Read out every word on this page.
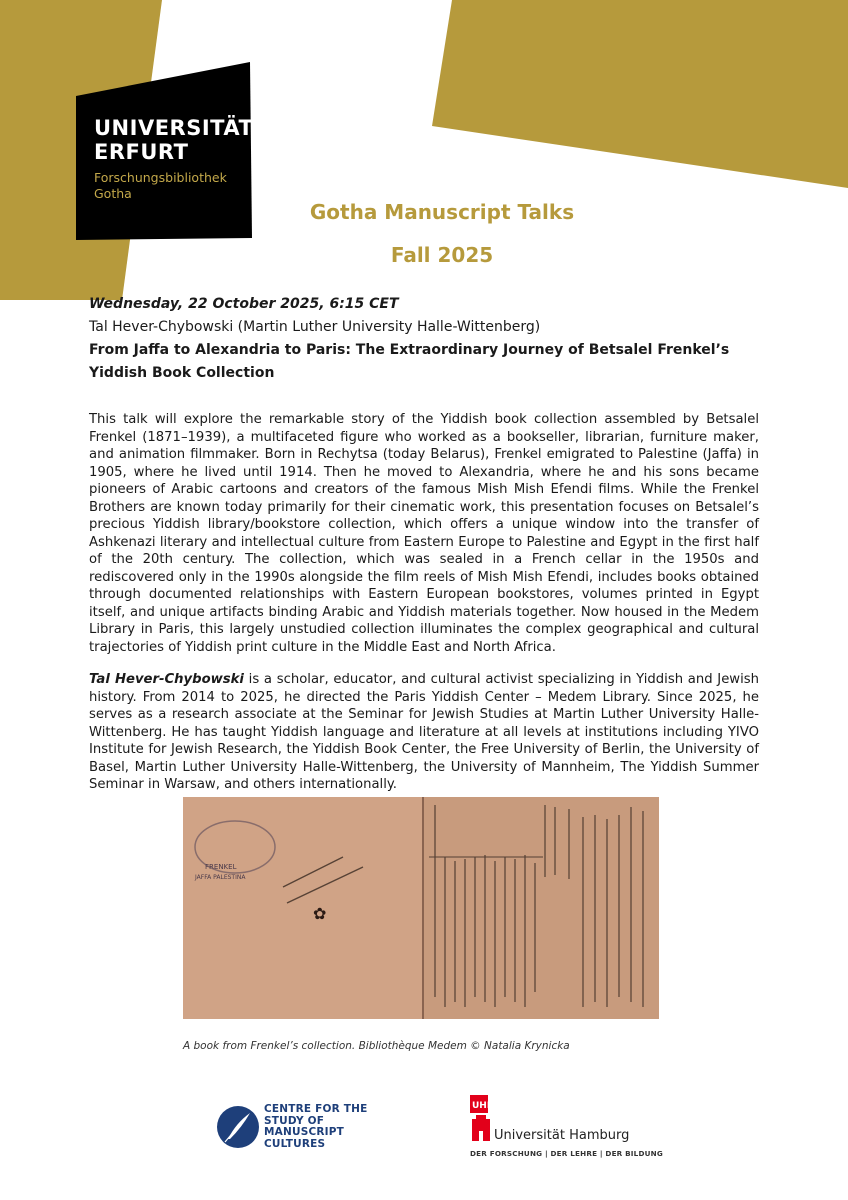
UNIVERSITÄT
ERFURT
Forschungsbibliothek
Gotha
Gotha Manuscript Talks
Fall 2025
Wednesday, 22 October 2025, 6:15 CET
Tal Hever-Chybowski (Martin Luther University Halle-Wittenberg)
From Jaffa to Alexandria to Paris: The Extraordinary Journey of Betsalel Frenkel’s Yiddish Book Collection

This talk will explore the remarkable story of the Yiddish book collection assembled by Betsalel Frenkel (1871–1939), a multifaceted figure who worked as a bookseller, librarian, furniture maker, and animation filmmaker. Born in Rechytsa (today Belarus), Frenkel emigrated to Palestine (Jaffa) in 1905, where he lived until 1914. Then he moved to Alexandria, where he and his sons became pioneers of Arabic cartoons and creators of the famous Mish Mish Efendi films. While the Frenkel Brothers are known today primarily for their cinematic work, this presentation focuses on Betsalel’s precious Yiddish library/bookstore collection, which offers a unique window into the transfer of Ashkenazi literary and intellectual culture from Eastern Europe to Palestine and Egypt in the first half of the 20th century. The collection, which was sealed in a French cellar in the 1950s and rediscovered only in the 1990s alongside the film reels of Mish Mish Efendi, includes books obtained through documented relationships with Eastern European bookstores, volumes printed in Egypt itself, and unique artifacts binding Arabic and Yiddish materials together. Now housed in the Medem Library in Paris, this largely unstudied collection illuminates the complex geographical and cultural trajectories of Yiddish print culture in the Middle East and North Africa.

Tal Hever-Chybowski is a scholar, educator, and cultural activist specializing in Yiddish and Jewish history. From 2014 to 2025, he directed the Paris Yiddish Center – Medem Library. Since 2025, he serves as a research associate at the Seminar for Jewish Studies at Martin Luther University Halle-Wittenberg. He has taught Yiddish language and literature at all levels at institutions including YIVO Institute for Jewish Research, the Yiddish Book Center, the Free University of Berlin, the University of Basel, Martin Luther University Halle-Wittenberg, the University of Mannheim, The Yiddish Summer Seminar in Warsaw, and others internationally.

FRENKEL
JAFFA PALESTINA
✿
A book from Frenkel’s collection. Bibliothèque Medem © Natalia Krynicka
CENTRE FOR THE
STUDY OF
MANUSCRIPT
CULTURES
UHH
Universität Hamburg
DER FORSCHUNG | DER LEHRE | DER BILDUNG
